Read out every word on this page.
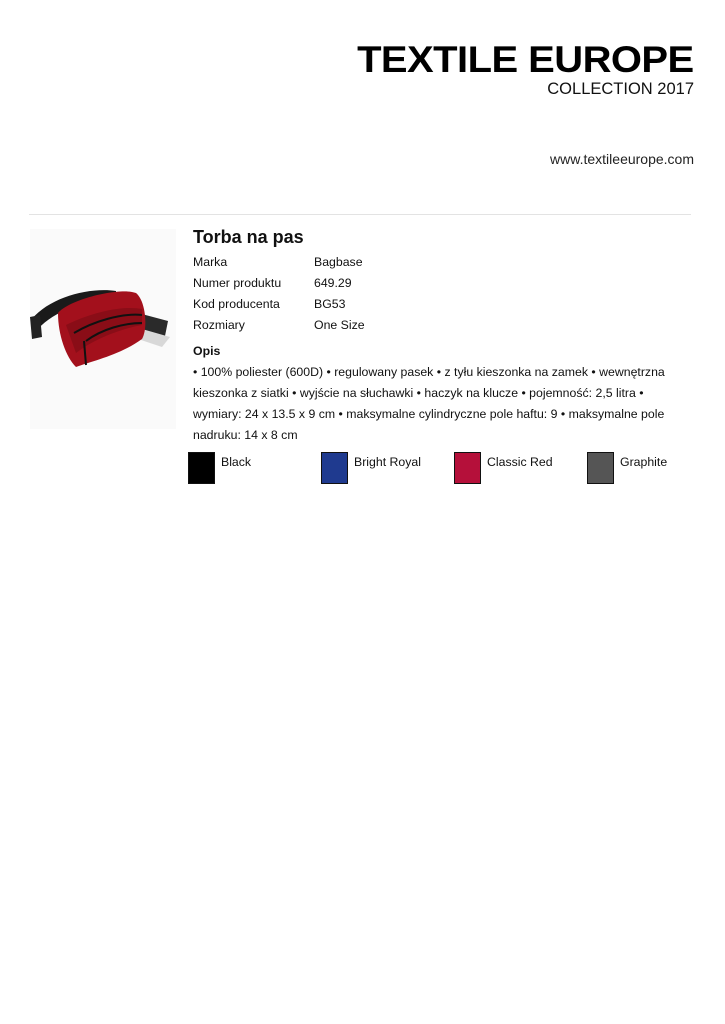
TEXTILE EUROPE
COLLECTION 2017
www.textileeurope.com
Torba na pas
Marka	Bagbase
Numer produktu	649.29
Kod producenta	BG53
Rozmiary	One Size
Opis
• 100% poliester (600D) • regulowany pasek • z tyłu kieszonka na zamek • wewnętrzna kieszonka z siatki • wyjście na słuchawki • haczyk na klucze • pojemność: 2,5 litra • wymiary: 24 x 13.5 x 9 cm • maksymalne cylindryczne pole haftu: 9 • maksymalne pole nadruku: 14 x 8 cm
Black	Bright Royal	Classic Red	Graphite
